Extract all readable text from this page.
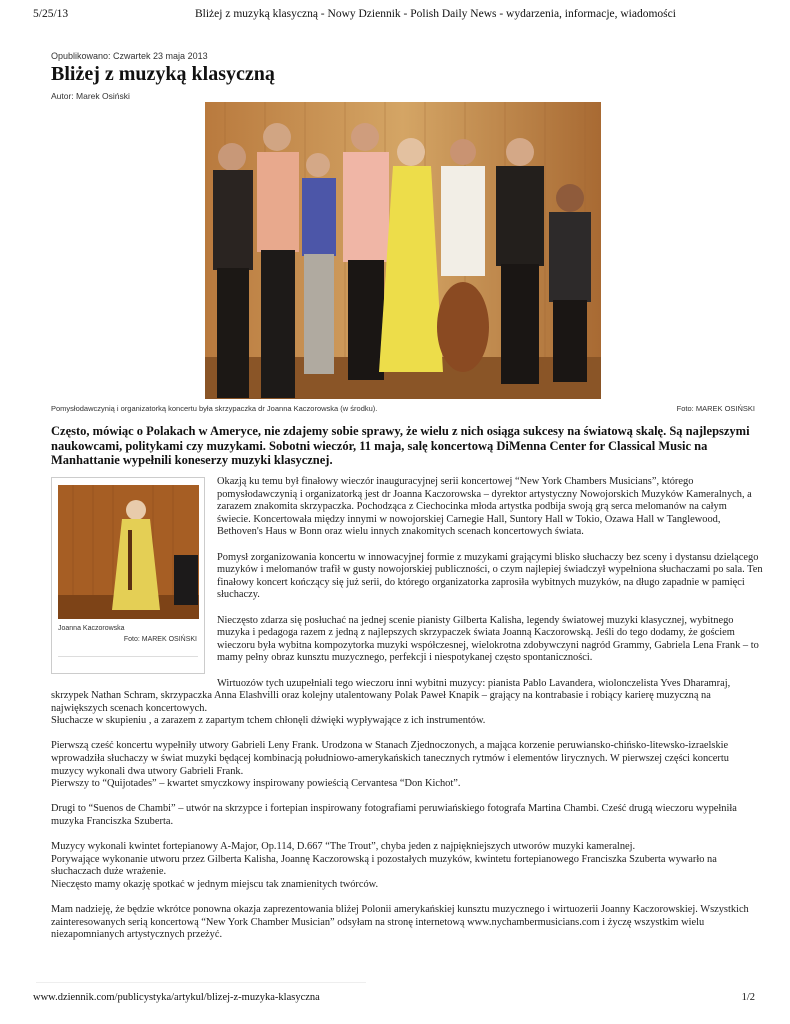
5/25/13	Bliżej z muzyką klasyczną - Nowy Dziennik - Polish Daily News - wydarzenia, informacje, wiadomości
Opublikowano: Czwartek 23 maja 2013
Bliżej z muzyką klasyczną
Autor: Marek Osiński
Pomysłodawczynią i organizatorką koncertu była skrzypaczka dr Joanna Kaczorowska (w środku).	Foto: MAREK OSIŃSKI

Często, mówiąc o Polakach w Ameryce, nie zdajemy sobie sprawy, że wielu z nich osiąga sukcesy na światową skalę. Są najlepszymi naukowcami, politykami czy muzykami. Sobotni wieczór, 11 maja, salę koncertową DiMenna Center for Classical Music na Manhattanie wypełnili koneserzy muzyki klasycznej.

Joanna Kaczorowska
Foto: MAREK OSIŃSKI

Okazją ku temu był finałowy wieczór inauguracyjnej serii koncertowej “New York Chambers Musicians”, którego pomysłodawczynią i organizatorką jest dr Joanna Kaczorowska – dyrektor artystyczny Nowojorskich Muzyków Kameralnych, a zarazem znakomita skrzypaczka. Pochodząca z Ciechocinka młoda artystka podbija swoją grą serca melomanów na całym świecie. Koncertowała między innymi w nowojorskiej Carnegie Hall, Suntory Hall w Tokio, Ozawa Hall w Tanglewood, Bethoven's Haus w Bonn oraz wielu innych znakomitych scenach koncertowych świata.

Pomysł zorganizowania koncertu w innowacyjnej formie z muzykami grającymi blisko słuchaczy bez sceny i dystansu dzielącego muzyków i melomanów trafił w gusty nowojorskiej publiczności, o czym najlepiej świadczył wypełniona słuchaczami po sala. Ten finałowy koncert kończący się już serii, do którego organizatorka zaprosiła wybitnych muzyków, na długo zapadnie w pamięci słuchaczy.

Nieczęsto zdarza się posłuchać na jednej scenie pianisty Gilberta Kalisha, legendy światowej muzyki klasycznej, wybitnego muzyka i pedagoga razem z jedną z najlepszych skrzypaczek świata Joanną Kaczorowską. Jeśli do tego dodamy, że gościem wieczoru była wybitna kompozytorka muzyki współczesnej, wielokrotna zdobywczyni nagród Grammy, Gabriela Lena Frank – to mamy pełny obraz kunsztu muzycznego, perfekcji i niespotykanej często spontaniczności.

Wirtuozów tych uzupełniali tego wieczoru inni wybitni muzycy: pianista Pablo Lavandera, wiolonczelista Yves Dharamraj, skrzypek Nathan Schram, skrzypaczka Anna Elashvilli oraz kolejny utalentowany Polak Paweł Knapik – grający na kontrabasie i robiący karierę muzyczną na największych scenach koncertowych.
Słuchacze w skupieniu , a zarazem z zapartym tchem chłonęli dźwięki wypływające z ich instrumentów.

Pierwszą cześć koncertu wypełniły utwory Gabrieli Leny Frank. Urodzona w Stanach Zjednoczonych, a mająca korzenie peruwiansko-chińsko-litewsko-izraelskie wprowadziła słuchaczy w świat muzyki będącej kombinacją południowo-amerykańskich tanecznych rytmów i elementów lirycznych. W pierwszej części koncertu muzycy wykonali dwa utwory Gabrieli Frank.
Pierwszy to “Quijotades” – kwartet smyczkowy inspirowany powieścią Cervantesa “Don Kichot”.

Drugi to “Suenos de Chambi” – utwór na skrzypce i fortepian inspirowany fotografiami peruwiańskiego fotografa Martina Chambi. Cześć drugą wieczoru wypełniła muzyka Franciszka Szuberta.

Muzycy wykonali kwintet fortepianowy A-Major, Op.114, D.667 “The Trout”, chyba jeden z najpiękniejszych utworów muzyki kameralnej.
Porywające wykonanie utworu przez Gilberta Kalisha, Joannę Kaczorowską i pozostałych muzyków, kwintetu fortepianowego Franciszka Szuberta wywarło na słuchaczach duże wrażenie.
Nieczęsto mamy okazję spotkać w jednym miejscu tak znamienitych twórców.

Mam nadzieję, że będzie wkrótce ponowna okazja zaprezentowania bliżej Polonii amerykańskiej kunsztu muzycznego i wirtuozerii Joanny Kaczorowskiej. Wszystkich zainteresowanych serią koncertową “New York Chamber Musician” odsyłam na stronę internetową www.nychambermusicians.com i życzę wszystkim wielu niezapomnianych artystycznych przeżyć.

www.dziennik.com/publicystyka/artykul/blizej-z-muzyka-klasyczna	1/2
